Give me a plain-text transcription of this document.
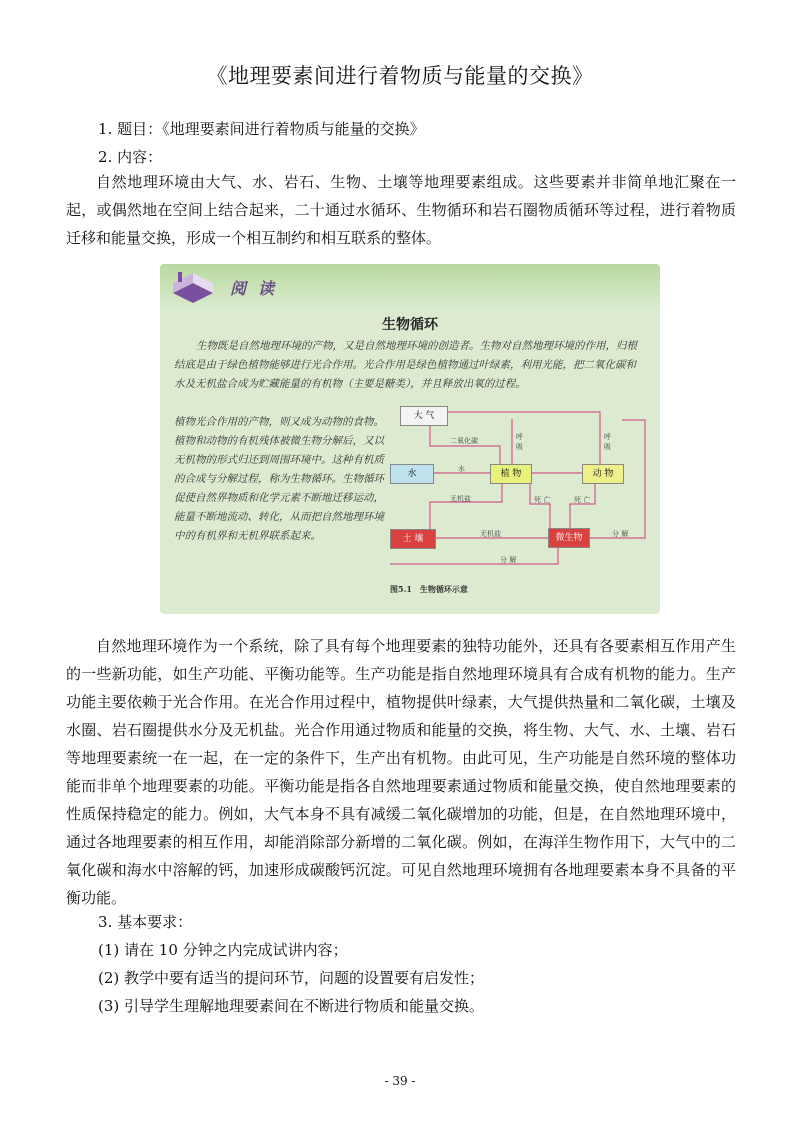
《地理要素间进行着物质与能量的交换》
1. 题目：《地理要素间进行着物质与能量的交换》
2. 内容：
自然地理环境由大气、水、岩石、生物、土壤等地理要素组成。这些要素并非简单地汇聚在一起，或偶然地在空间上结合起来，二十通过水循环、生物循环和岩石圈物质循环等过程，进行着物质迁移和能量交换，形成一个相互制约和相互联系的整体。
阅读
生物循环
生物既是自然地理环境的产物，又是自然地理环境的创造者。生物对自然地理环境的作用，归根结底是由于绿色植物能够进行光合作用。光合作用是绿色植物通过叶绿素，利用光能，把二氧化碳和水及无机盐合成为贮藏能量的有机物（主要是糖类），并且释放出氧的过程。
植物光合作用的产物，则又成为动物的食物。植物和动物的有机残体被微生物分解后，又以无机物的形式归还到周围环境中。这种有机质的合成与分解过程，称为生物循环。生物循环促使自然界物质和化学元素不断地迁移运动，能量不断地流动、转化，从而把自然地理环境中的有机界和无机界联系起来。
大 气
水	植 物	动 物
土 壤	微生物
二氧化碳	呼吸
呼吸
水
无机盐
无机盐
死 亡	死 亡
分 解
分 解
图5.1　生物循环示意
自然地理环境作为一个系统，除了具有每个地理要素的独特功能外，还具有各要素相互作用产生的一些新功能，如生产功能、平衡功能等。生产功能是指自然地理环境具有合成有机物的能力。生产功能主要依赖于光合作用。在光合作用过程中，植物提供叶绿素，大气提供热量和二氧化碳，土壤及水圈、岩石圈提供水分及无机盐。光合作用通过物质和能量的交换，将生物、大气、水、土壤、岩石等地理要素统一在一起，在一定的条件下，生产出有机物。由此可见，生产功能是自然环境的整体功能而非单个地理要素的功能。平衡功能是指各自然地理要素通过物质和能量交换，使自然地理要素的性质保持稳定的能力。例如，大气本身不具有减缓二氧化碳增加的功能，但是，在自然地理环境中，通过各地理要素的相互作用，却能消除部分新增的二氧化碳。例如，在海洋生物作用下，大气中的二氧化碳和海水中溶解的钙，加速形成碳酸钙沉淀。可见自然地理环境拥有各地理要素本身不具备的平衡功能。
3. 基本要求：
(1) 请在 10 分钟之内完成试讲内容；
(2) 教学中要有适当的提问环节，问题的设置要有启发性；
(3) 引导学生理解地理要素间在不断进行物质和能量交换。
- 39 -
